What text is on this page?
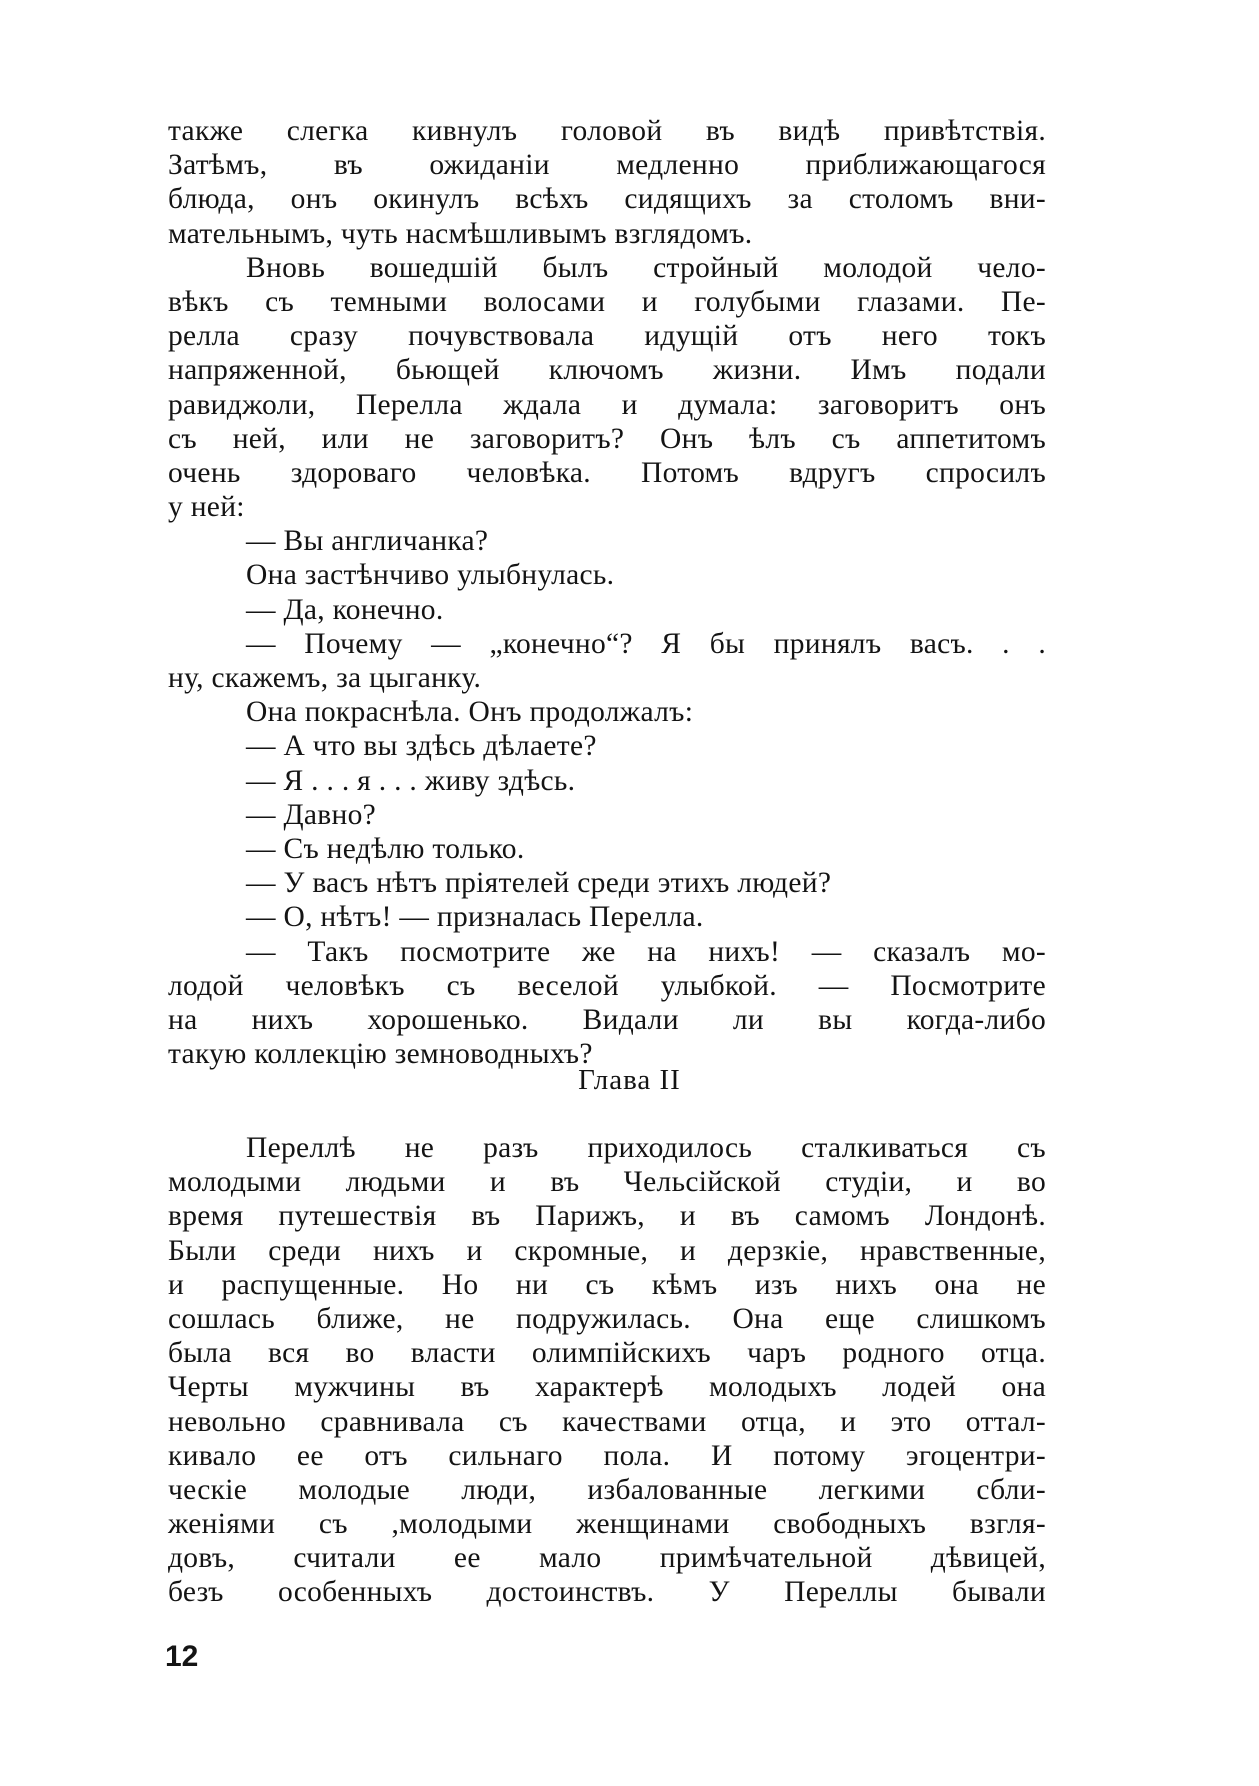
также слегка кивнулъ головой въ видѣ привѣтствія.
Затѣмъ, въ ожиданіи медленно приближающагося
блюда, онъ окинулъ всѣхъ сидящихъ за столомъ вни-
мательнымъ, чуть насмѣшливымъ взглядомъ.
Вновь вошедшій былъ стройный молодой чело-
вѣкъ съ темными волосами и голубыми глазами. Пе-
релла сразу почувствовала идущій отъ него токъ
напряженной, бьющей ключомъ жизни. Имъ подали
равиджоли, Перелла ждала и думала: заговоритъ онъ
съ ней, или не заговоритъ? Онъ ѣлъ съ аппетитомъ
очень здороваго человѣка. Потомъ вдругъ спросилъ
у ней:
— Вы англичанка?
Она застѣнчиво улыбнулась.
— Да, конечно.
— Почему — „конечно“? Я бы принялъ васъ. . .
ну, скажемъ, за цыганку.
Она покраснѣла. Онъ продолжалъ:
— А что вы здѣсь дѣлаете?
— Я . . . я . . . живу здѣсь.
— Давно?
— Съ недѣлю только.
— У васъ нѣтъ пріятелей среди этихъ людей?
— О, нѣтъ! — призналась Перелла.
— Такъ посмотрите же на нихъ! — сказалъ мо-
лодой человѣкъ съ веселой улыбкой. — Посмотрите
на нихъ хорошенько. Видали ли вы когда-либо
такую коллекцію земноводныхъ?
Глава II
Переллѣ не разъ приходилось сталкиваться съ
молодыми людьми и въ Чельсійской студіи, и во
время путешествія въ Парижъ, и въ самомъ Лондонѣ.
Были среди нихъ и скромные, и дерзкіе, нравственные,
и распущенные. Но ни съ кѣмъ изъ нихъ она не
сошлась ближе, не подружилась. Она еще слишкомъ
была вся во власти олимпійскихъ чаръ родного отца.
Черты мужчины въ характерѣ молодыхъ лодей она
невольно сравнивала съ качествами отца, и это оттал-
кивало ее отъ сильнаго пола. И потому эгоцентри-
ческіе молодые люди, избалованные легкими сбли-
женіями съ ,молодыми женщинами свободныхъ взгля-
довъ, считали ее мало примѣчательной дѣвицей,
безъ особенныхъ достоинствъ. У Переллы бывали
12
